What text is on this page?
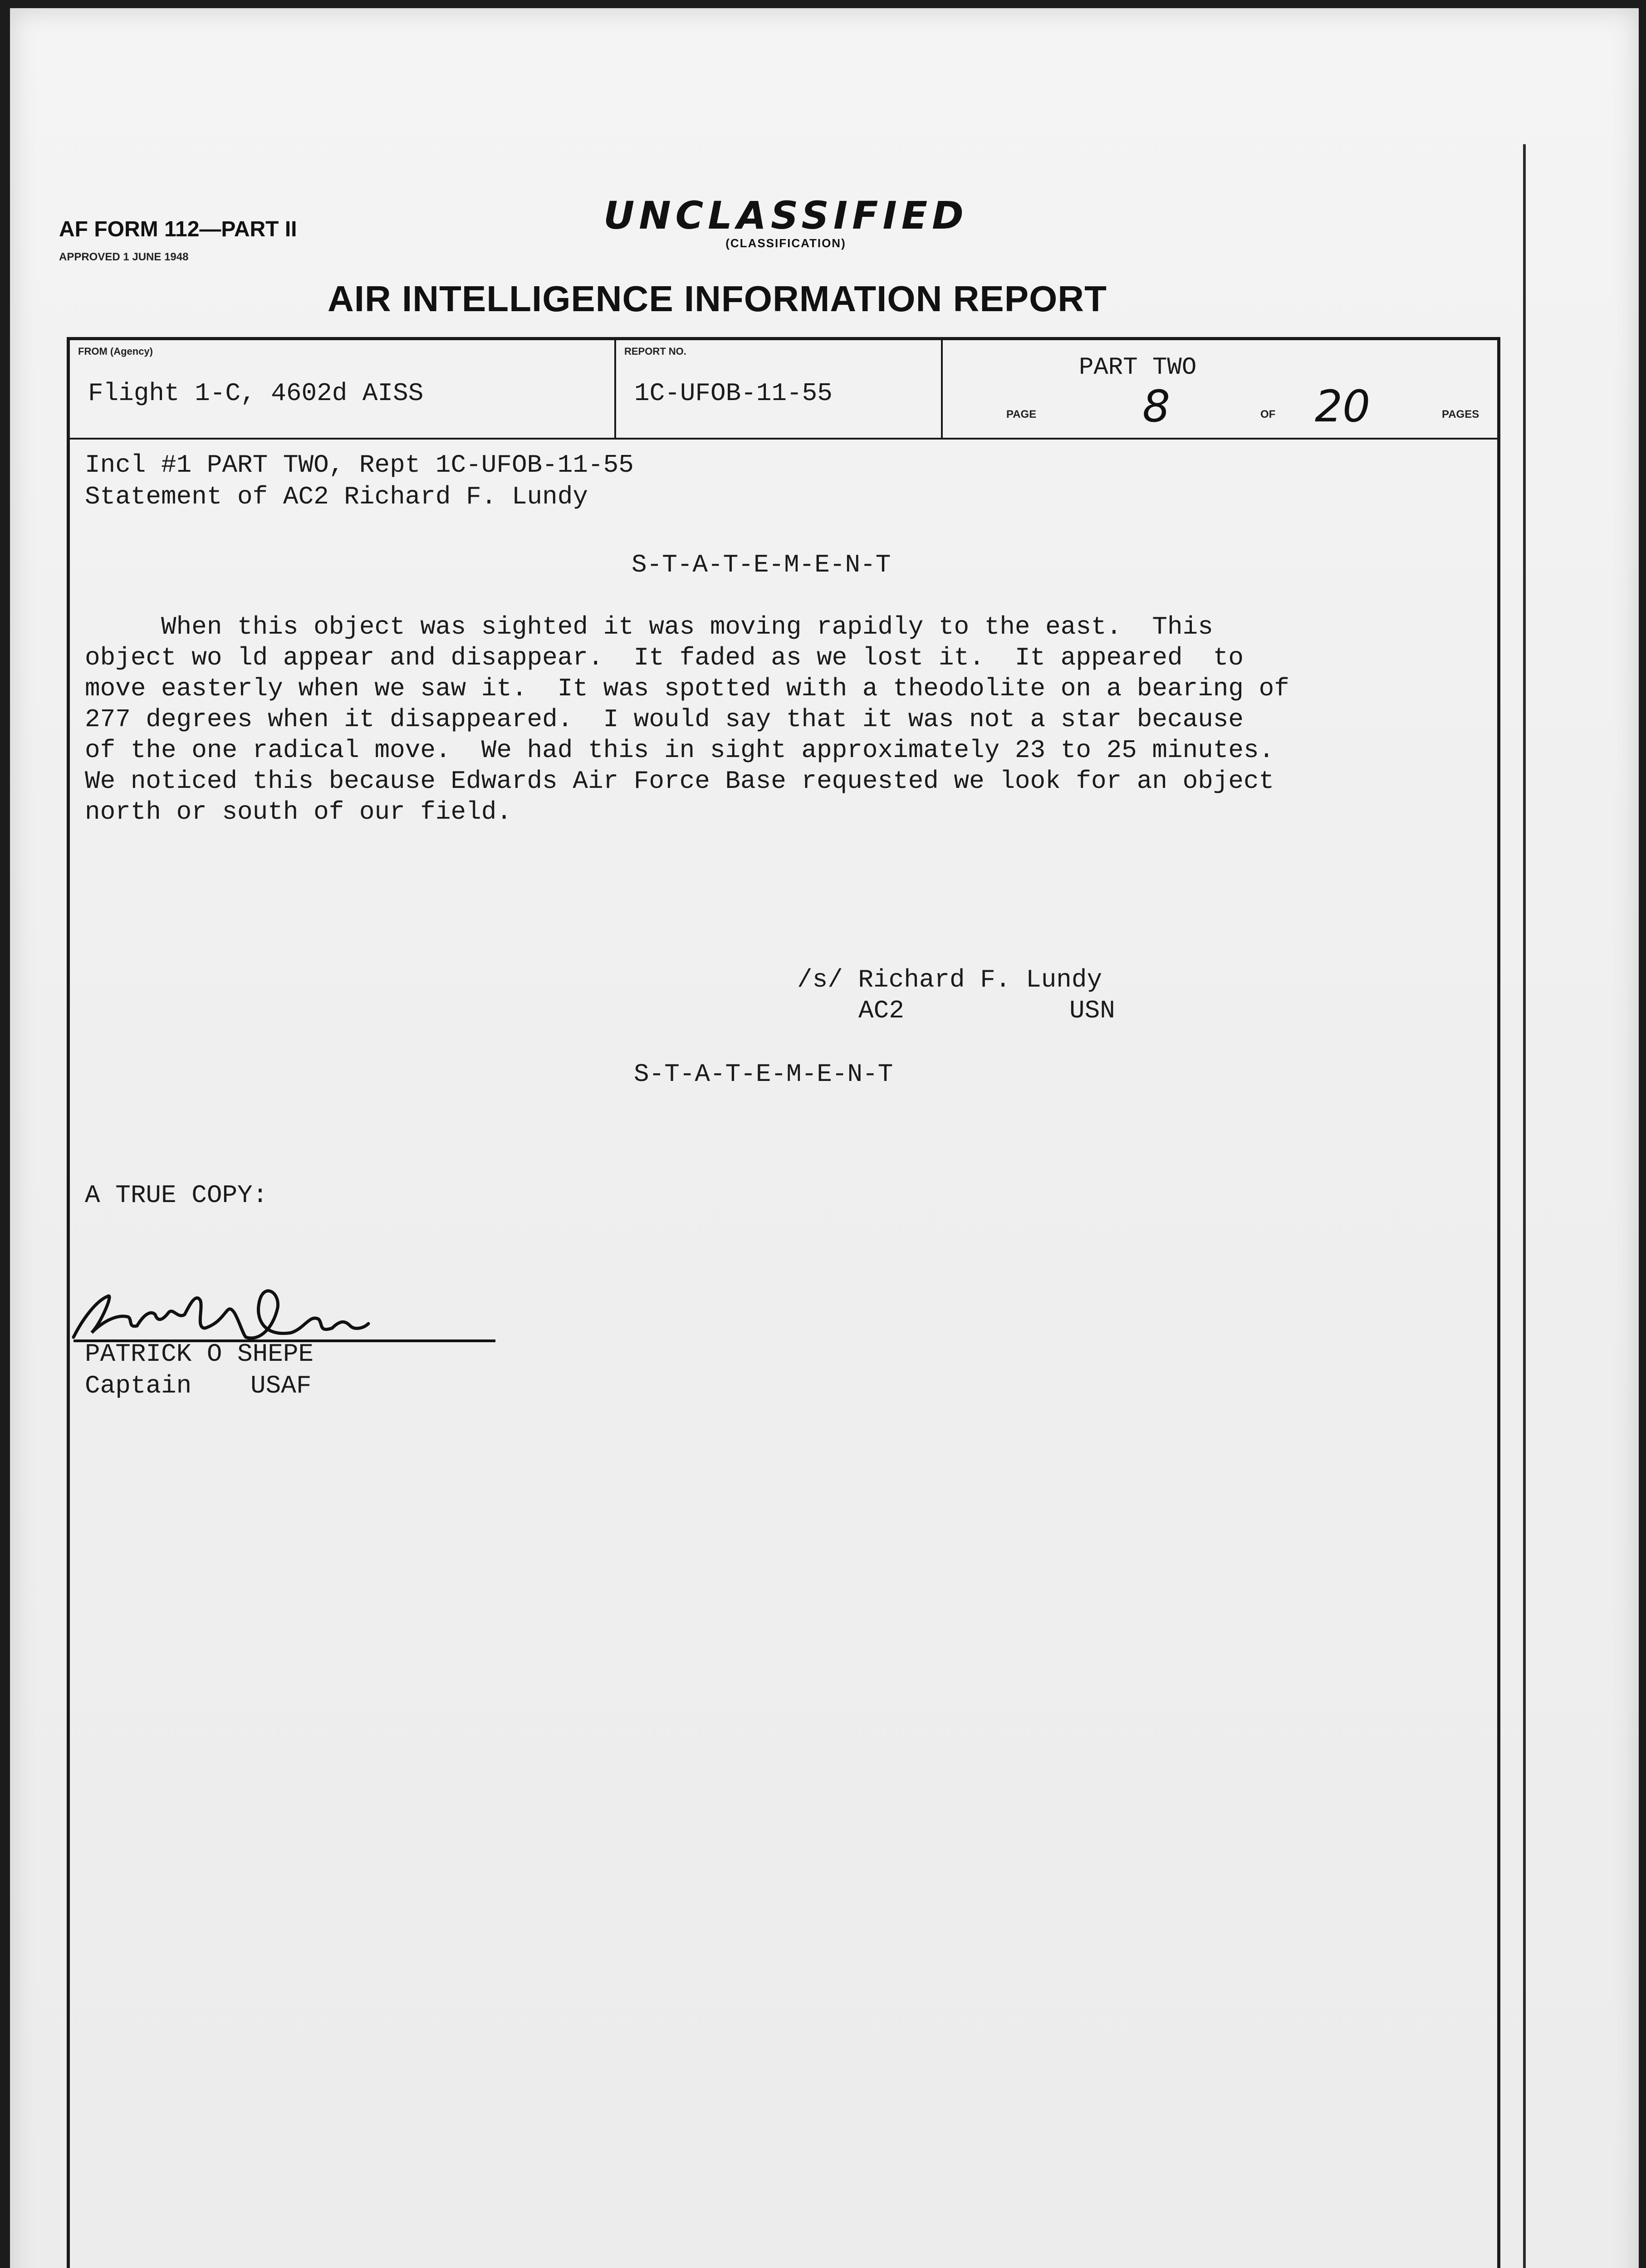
UNCLASSIFIED
(CLASSIFICATION)
AF FORM 112—PART II
APPROVED 1 JUNE 1948
AIR INTELLIGENCE INFORMATION REPORT
FROM (Agency)
Flight 1-C, 4602d AISS
REPORT NO.
1C-UFOB-11-55
PART TWO
PAGE 8	OF 20	PAGES
Incl #1 PART TWO, Rept 1C-UFOB-11-55
Statement of AC2 Richard F. Lundy
S-T-A-T-E-M-E-N-T
When this object was sighted it was moving rapidly to the east.  This
object wo ld appear and disappear.  It faded as we lost it.  It appeared  to
move easterly when we saw it.  It was spotted with a theodolite on a bearing of
277 degrees when it disappeared.  I would say that it was not a star because
of the one radical move.  We had this in sight approximately 23 to 25 minutes.
We noticed this because Edwards Air Force Base requested we look for an object
north or south of our field.
/s/ Richard F. Lundy
AC2	USN
S-T-A-T-E-M-E-N-T
A TRUE COPY:
PATRICK O SHEPE
Captain USAF
